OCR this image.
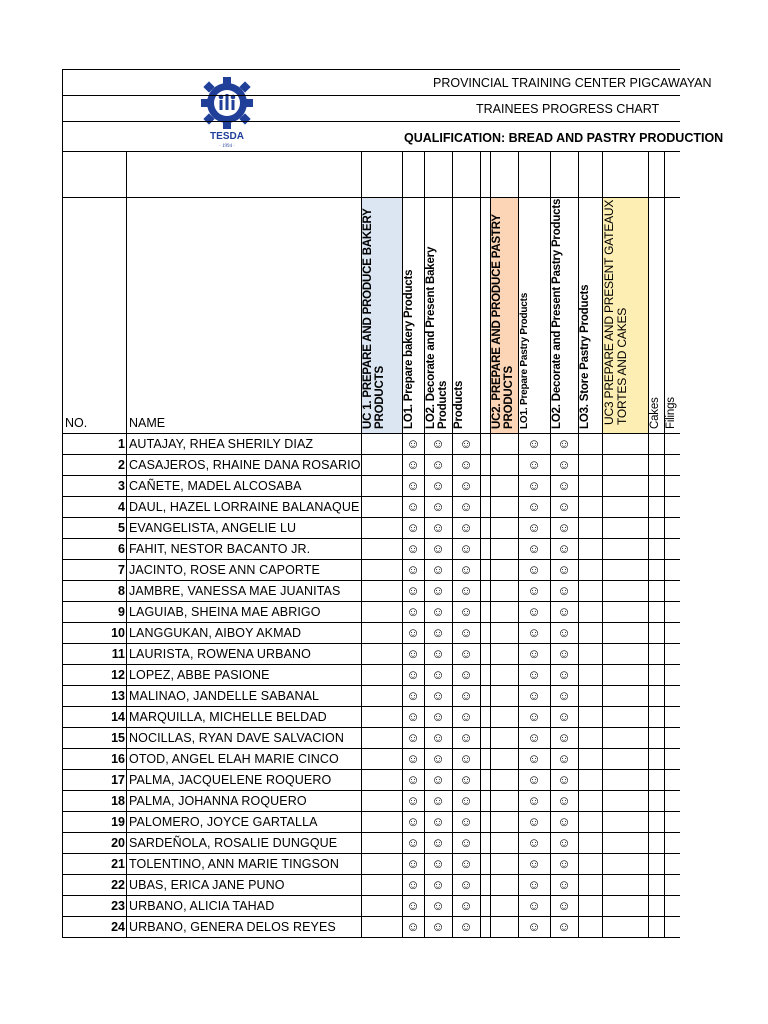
TESDA
· 1994 ·
PROVINCIAL TRAINING CENTER PIGCAWAYAN													

TRAINEES PROGRESS CHART													

QUALIFICATION: BREAD AND PASTRY PRODUCTION													

NO.	NAME	UC 1. PREPARE AND PRODUCE BAKERY PRODUCTS	LO1. Prepare bakery Products	LO2. Decorate and Present Bakery Products	Products		UC2. PREPARE AND PRODUCE PASTRY PRODUCTS	LO1. Prepare Pastry Products	LO2. Decorate and Present Pastry Products	LO3. Store Pastry Products	UC3 PREPARE AND PRESENT GATEAUX TORTES AND CAKES	Cakes	Filings

1	AUTAJAY, RHEA SHERILY DIAZ		☺	☺	☺			☺	☺				
2	CASAJEROS, RHAINE DANA ROSARIO		☺	☺	☺			☺	☺				
3	CAÑETE, MADEL ALCOSABA		☺	☺	☺			☺	☺				
4	DAUL, HAZEL LORRAINE BALANAQUE		☺	☺	☺			☺	☺				
5	EVANGELISTA, ANGELIE LU		☺	☺	☺			☺	☺				
6	FAHIT, NESTOR BACANTO JR.		☺	☺	☺			☺	☺				
7	JACINTO, ROSE ANN CAPORTE		☺	☺	☺			☺	☺				
8	JAMBRE, VANESSA MAE JUANITAS		☺	☺	☺			☺	☺				
9	LAGUIAB, SHEINA MAE ABRIGO		☺	☺	☺			☺	☺				
10	LANGGUKAN, AIBOY AKMAD		☺	☺	☺			☺	☺				
11	LAURISTA, ROWENA URBANO		☺	☺	☺			☺	☺				
12	LOPEZ, ABBE PASIONE		☺	☺	☺			☺	☺				
13	MALINAO, JANDELLE SABANAL		☺	☺	☺			☺	☺				
14	MARQUILLA, MICHELLE BELDAD		☺	☺	☺			☺	☺				
15	NOCILLAS, RYAN DAVE SALVACION		☺	☺	☺			☺	☺				
16	OTOD, ANGEL ELAH MARIE CINCO		☺	☺	☺			☺	☺				
17	PALMA, JACQUELENE ROQUERO		☺	☺	☺			☺	☺				
18	PALMA, JOHANNA ROQUERO		☺	☺	☺			☺	☺				
19	PALOMERO, JOYCE GARTALLA		☺	☺	☺			☺	☺				
20	SARDEÑOLA, ROSALIE DUNGQUE		☺	☺	☺			☺	☺				
21	TOLENTINO, ANN MARIE TINGSON		☺	☺	☺			☺	☺				
22	UBAS, ERICA JANE PUNO		☺	☺	☺			☺	☺				
23	URBANO, ALICIA TAHAD		☺	☺	☺			☺	☺				
24	URBANO, GENERA DELOS REYES		☺	☺	☺			☺	☺				
